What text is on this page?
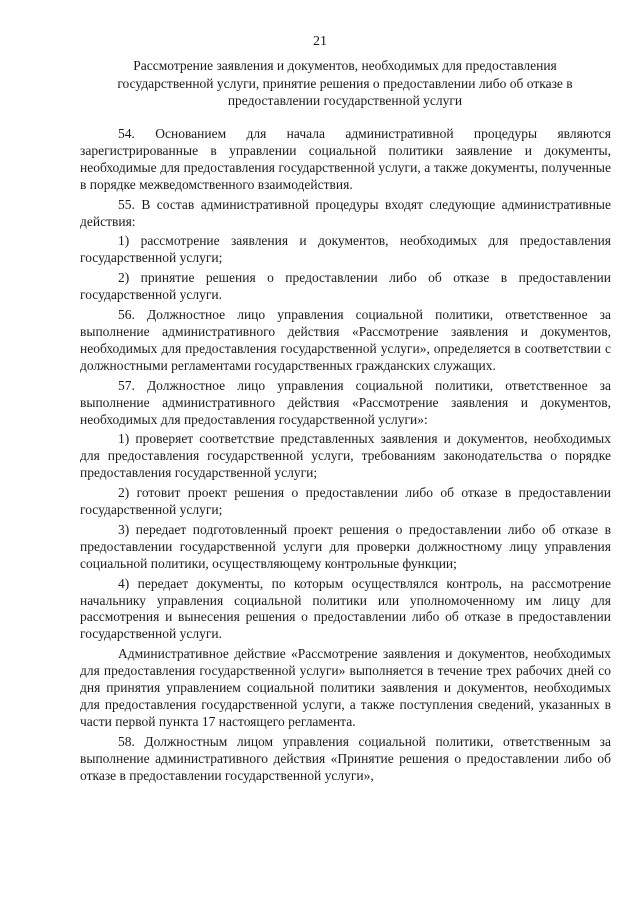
21
Рассмотрение заявления и документов, необходимых для предоставления государственной услуги, принятие решения о предоставлении либо об отказе в предоставлении государственной услуги

54. Основанием для начала административной процедуры являются зарегистрированные в управлении социальной политики заявление и документы, необходимые для предоставления государственной услуги, а также документы, полученные в порядке межведомственного взаимодействия.

55. В состав административной процедуры входят следующие административные действия:

1) рассмотрение заявления и документов, необходимых для предоставления государственной услуги;

2) принятие решения о предоставлении либо об отказе в предоставлении государственной услуги.

56. Должностное лицо управления социальной политики, ответственное за выполнение административного действия «Рассмотрение заявления и документов, необходимых для предоставления государственной услуги», определяется в соответствии с должностными регламентами государственных гражданских служащих.

57. Должностное лицо управления социальной политики, ответственное за выполнение административного действия «Рассмотрение заявления и документов, необходимых для предоставления государственной услуги»:

1) проверяет соответствие представленных заявления и документов, необходимых для предоставления государственной услуги, требованиям законодательства о порядке предоставления государственной услуги;

2) готовит проект решения о предоставлении либо об отказе в предоставлении государственной услуги;

3) передает подготовленный проект решения о предоставлении либо об отказе в предоставлении государственной услуги для проверки должностному лицу управления социальной политики, осуществляющему контрольные функции;

4) передает документы, по которым осуществлялся контроль, на рассмотрение начальнику управления социальной политики или уполномоченному им лицу для рассмотрения и вынесения решения о предоставлении либо об отказе в предоставлении государственной услуги.

Административное действие «Рассмотрение заявления и документов, необходимых для предоставления государственной услуги» выполняется в течение трех рабочих дней со дня принятия управлением социальной политики заявления и документов, необходимых для предоставления государственной услуги, а также поступления сведений, указанных в части первой пункта 17 настоящего регламента.

58. Должностным лицом управления социальной политики, ответственным за выполнение административного действия «Принятие решения о предоставлении либо об отказе в предоставлении государственной услуги»,
